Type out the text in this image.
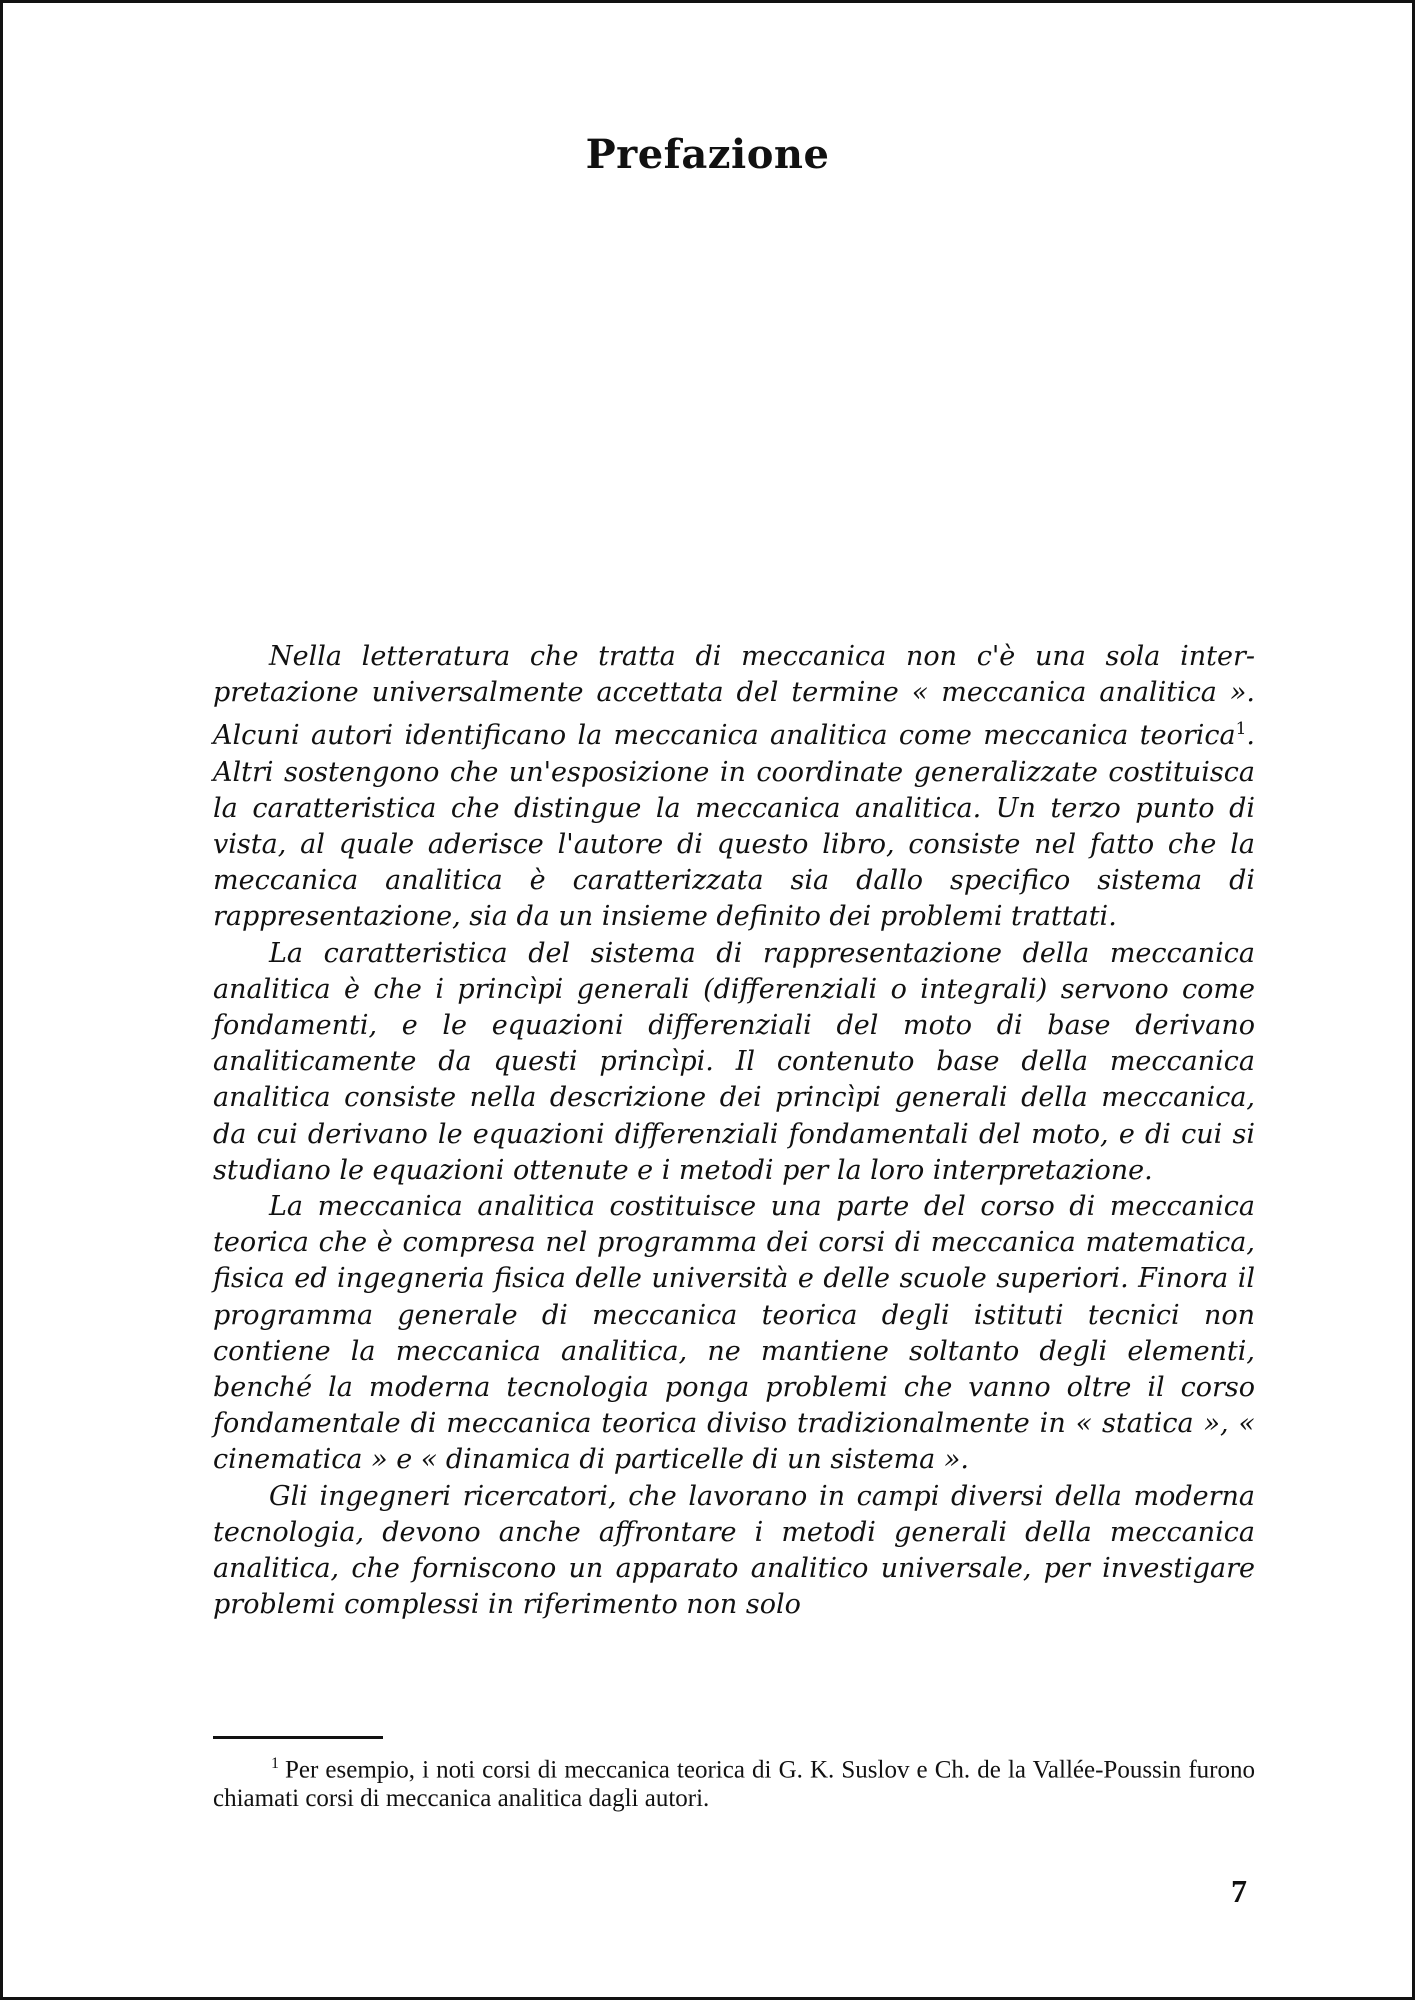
Prefazione

Nella letteratura che tratta di meccanica non c'è una sola interpretazione universalmente accettata del termine « meccanica analitica ». Alcuni autori identificano la meccanica analitica come meccanica teorica$^1$. Altri sostengono che un'esposizione in coordinate generalizzate costituisca la caratteristica che distingue la meccanica analitica. Un terzo punto di vista, al quale aderisce l'autore di questo libro, consiste nel fatto che la meccanica analitica è caratterizzata sia dallo specifico sistema di rappresentazione, sia da un insieme definito dei problemi trattati.

La caratteristica del sistema di rappresentazione della meccanica analitica è che i princìpi generali (differenziali o integrali) servono come fondamenti, e le equazioni differenziali del moto di base derivano analiticamente da questi princìpi. Il contenuto base della meccanica analitica consiste nella descrizione dei princìpi generali della meccanica, da cui derivano le equazioni differenziali fondamentali del moto, e di cui si studiano le equazioni ottenute e i metodi per la loro interpretazione.

La meccanica analitica costituisce una parte del corso di meccanica teorica che è compresa nel programma dei corsi di meccanica matematica, fisica ed ingegneria fisica delle università e delle scuole superiori. Finora il programma generale di meccanica teorica degli istituti tecnici non contiene la meccanica analitica, ne mantiene soltanto degli elementi, benché la moderna tecnologia ponga problemi che vanno oltre il corso fondamentale di meccanica teorica diviso tradizionalmente in « statica », « cinematica » e « dinamica di particelle di un sistema ».

Gli ingegneri ricercatori, che lavorano in campi diversi della moderna tecnologia, devono anche affrontare i metodi generali della meccanica analitica, che forniscono un apparato analitico universale, per investigare problemi complessi in riferimento non solo

$^1$ Per esempio, i noti corsi di meccanica teorica di G. K. Suslov e Ch. de la Vallée-Poussin furono chiamati corsi di meccanica analitica dagli autori.

7
